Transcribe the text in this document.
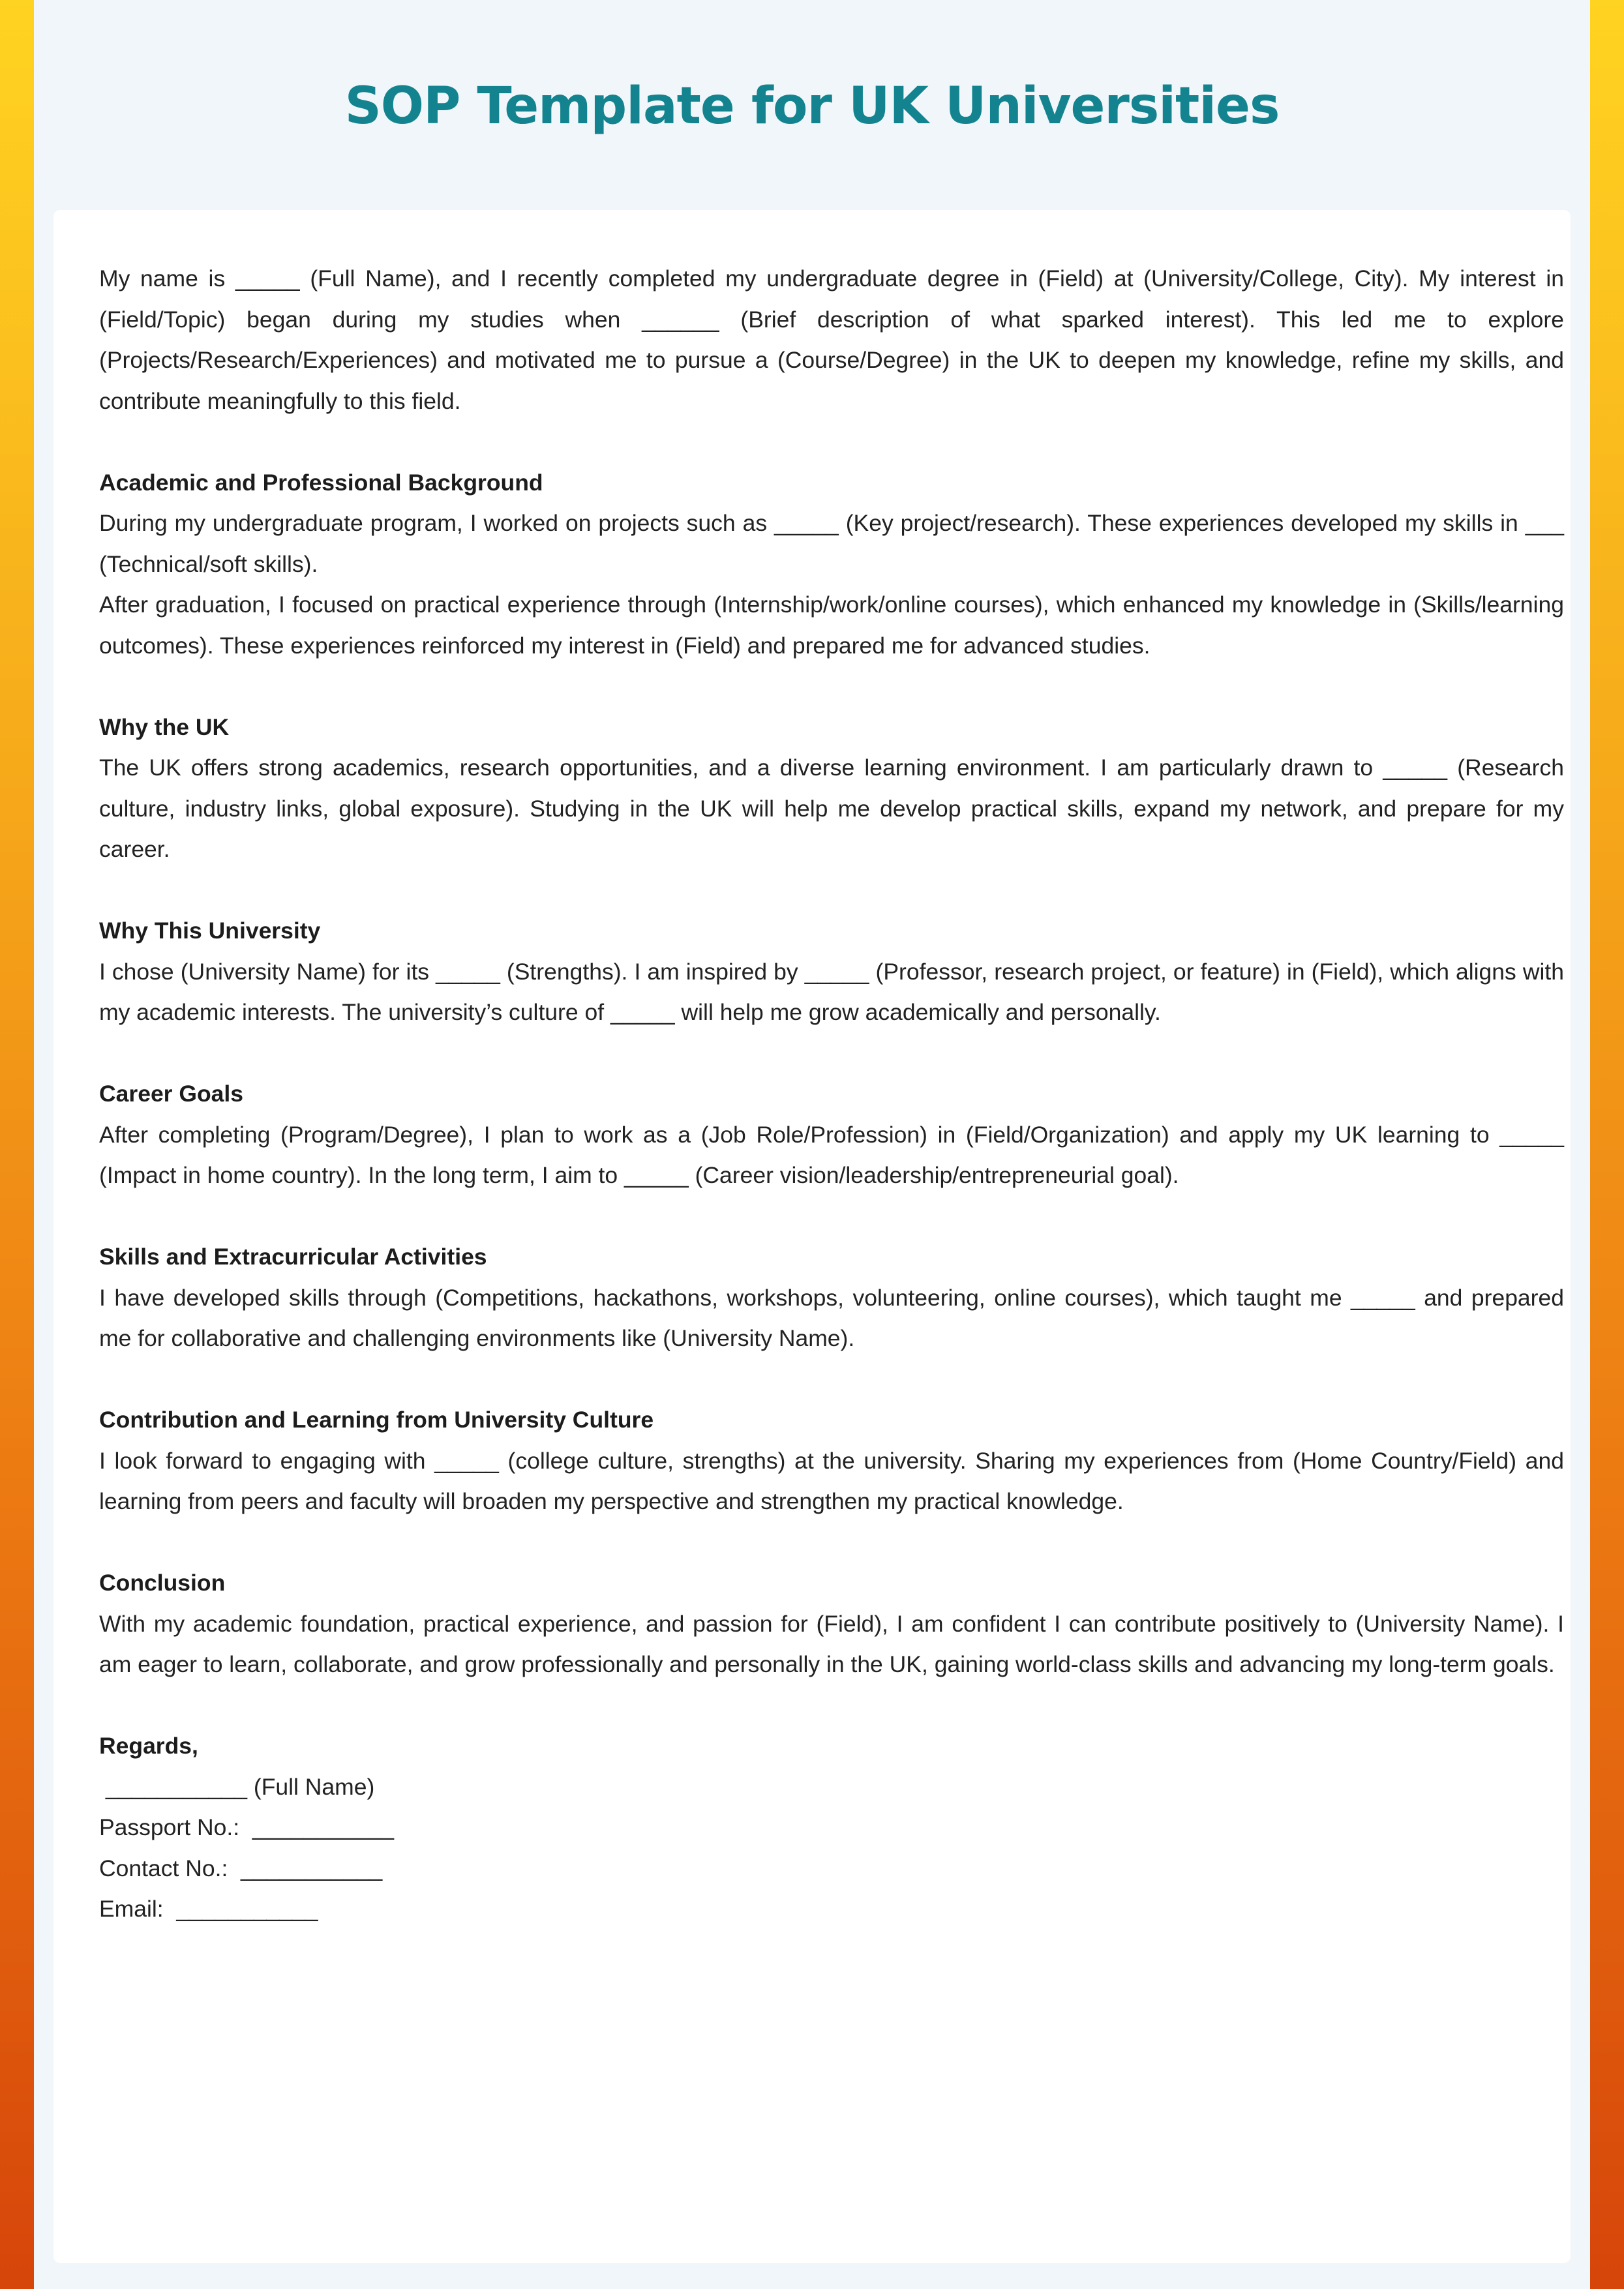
SOP Template for UK Universities

My name is _____ (Full Name), and I recently completed my undergraduate degree in (Field) at (University/College, City). My interest in (Field/Topic) began during my studies when ______ (Brief description of what sparked interest). This led me to explore (Projects/Research/Experiences) and motivated me to pursue a (Course/Degree) in the UK to deepen my knowledge, refine my skills, and contribute meaningfully to this field.

Academic and Professional Background

During my undergraduate program, I worked on projects such as _____ (Key project/research). These experiences developed my skills in ___ (Technical/soft skills).

After graduation, I focused on practical experience through (Internship/work/online courses), which enhanced my knowledge in (Skills/learning outcomes). These experiences reinforced my interest in (Field) and prepared me for advanced studies.

Why the UK

The UK offers strong academics, research opportunities, and a diverse learning environment. I am particularly drawn to _____ (Research culture, industry links, global exposure). Studying in the UK will help me develop practical skills, expand my network, and prepare for my career.

Why This University

I chose (University Name) for its _____ (Strengths). I am inspired by _____ (Professor, research project, or feature) in (Field), which aligns with my academic interests. The university’s culture of _____ will help me grow academically and personally.

Career Goals

After completing (Program/Degree), I plan to work as a (Job Role/Profession) in (Field/Organization) and apply my UK learning to _____ (Impact in home country). In the long term, I aim to _____ (Career vision/leadership/entrepreneurial goal).

Skills and Extracurricular Activities

I have developed skills through (Competitions, hackathons, workshops, volunteering, online courses), which taught me _____ and prepared me for collaborative and challenging environments like (University Name).

Contribution and Learning from University Culture

I look forward to engaging with _____ (college culture, strengths) at the university. Sharing my experiences from (Home Country/Field) and learning from peers and faculty will broaden my perspective and strengthen my practical knowledge.

Conclusion

With my academic foundation, practical experience, and passion for (Field), I am confident I can contribute positively to (University Name). I am eager to learn, collaborate, and grow professionally and personally in the UK, gaining world-class skills and advancing my long-term goals.

Regards,

___________ (Full Name)

Passport No.:  ___________

Contact No.:  ___________

Email:  ___________
